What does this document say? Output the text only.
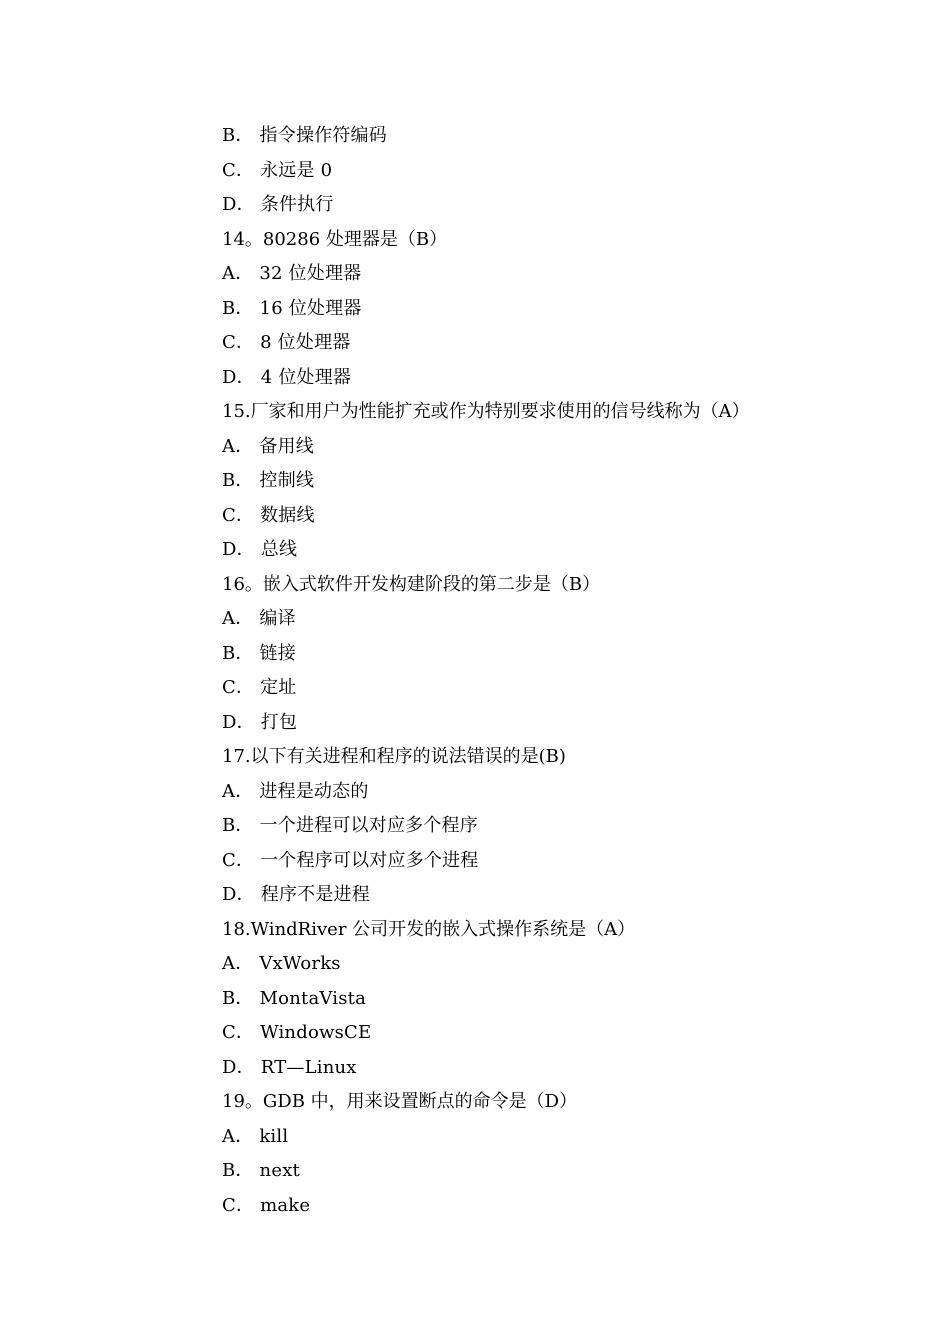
B． 指令操作符编码
C． 永远是 0
D． 条件执行
14。80286 处理器是（B）
A． 32 位处理器
B． 16 位处理器
C． 8 位处理器
D． 4 位处理器
15.厂家和用户为性能扩充或作为特别要求使用的信号线称为（A）
A． 备用线
B． 控制线
C． 数据线
D． 总线
16。嵌入式软件开发构建阶段的第二步是（B）
A． 编译
B． 链接
C． 定址
D． 打包
17.以下有关进程和程序的说法错误的是(B)
A． 进程是动态的
B． 一个进程可以对应多个程序
C． 一个程序可以对应多个进程
D． 程序不是进程
18.WindRiver 公司开发的嵌入式操作系统是（A）
A． VxWorks
B． MontaVista
C． WindowsCE
D． RT—Linux
19。GDB 中，用来设置断点的命令是（D）
A． kill
B． next
C． make
